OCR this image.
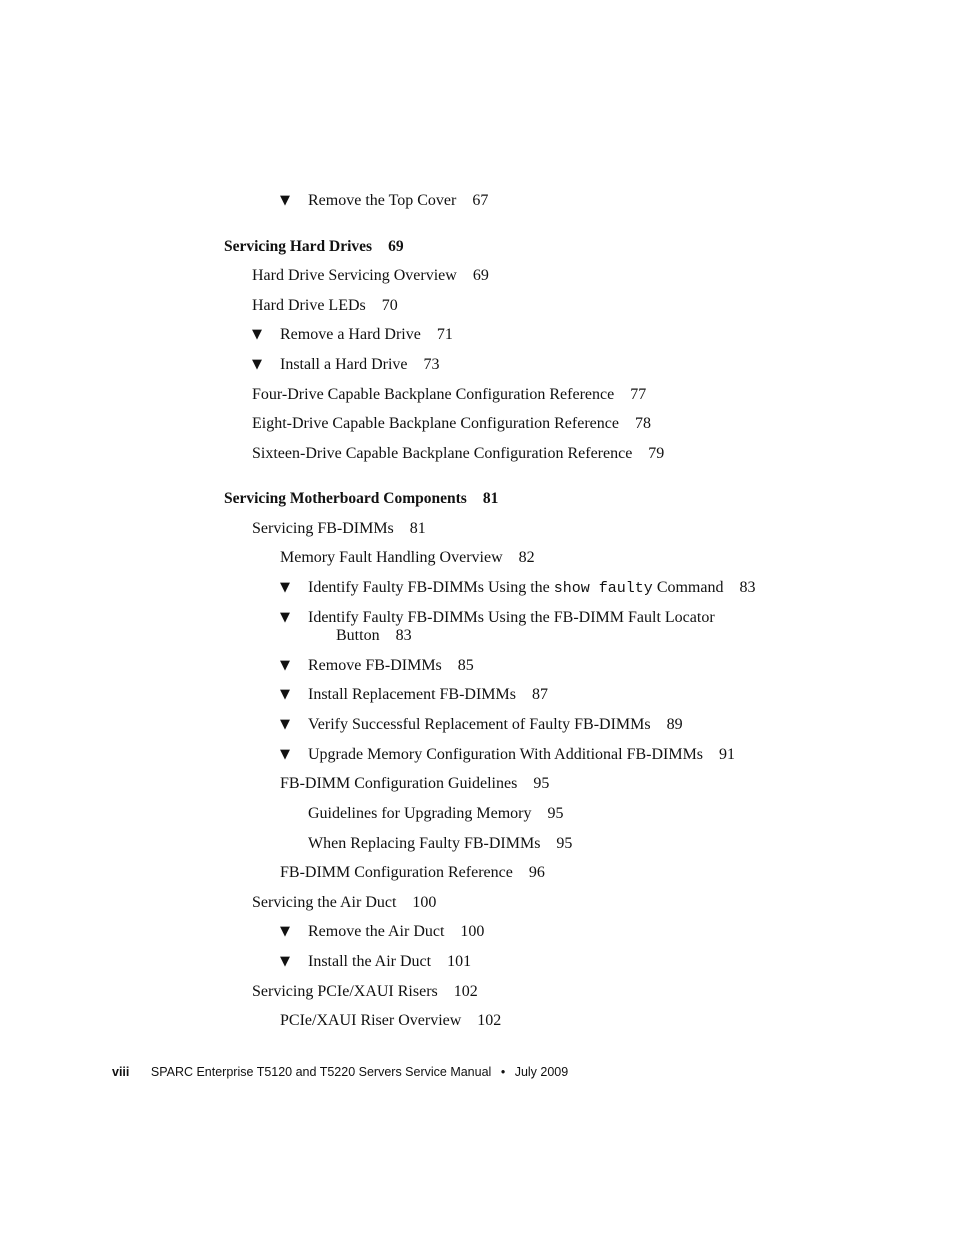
▼ Remove the Top Cover 67
Servicing Hard Drives 69
Hard Drive Servicing Overview 69
Hard Drive LEDs 70
▼ Remove a Hard Drive 71
▼ Install a Hard Drive 73
Four-Drive Capable Backplane Configuration Reference 77
Eight-Drive Capable Backplane Configuration Reference 78
Sixteen-Drive Capable Backplane Configuration Reference 79
Servicing Motherboard Components 81
Servicing FB-DIMMs 81
Memory Fault Handling Overview 82
▼ Identify Faulty FB-DIMMs Using the show faulty Command 83
▼ Identify Faulty FB-DIMMs Using the FB-DIMM Fault Locator
Button 83
▼ Remove FB-DIMMs 85
▼ Install Replacement FB-DIMMs 87
▼ Verify Successful Replacement of Faulty FB-DIMMs 89
▼ Upgrade Memory Configuration With Additional FB-DIMMs 91
FB-DIMM Configuration Guidelines 95
Guidelines for Upgrading Memory 95
When Replacing Faulty FB-DIMMs 95
FB-DIMM Configuration Reference 96
Servicing the Air Duct 100
▼ Remove the Air Duct 100
▼ Install the Air Duct 101
Servicing PCIe/XAUI Risers 102
PCIe/XAUI Riser Overview 102
viii SPARC Enterprise T5120 and T5220 Servers Service Manual • July 2009
